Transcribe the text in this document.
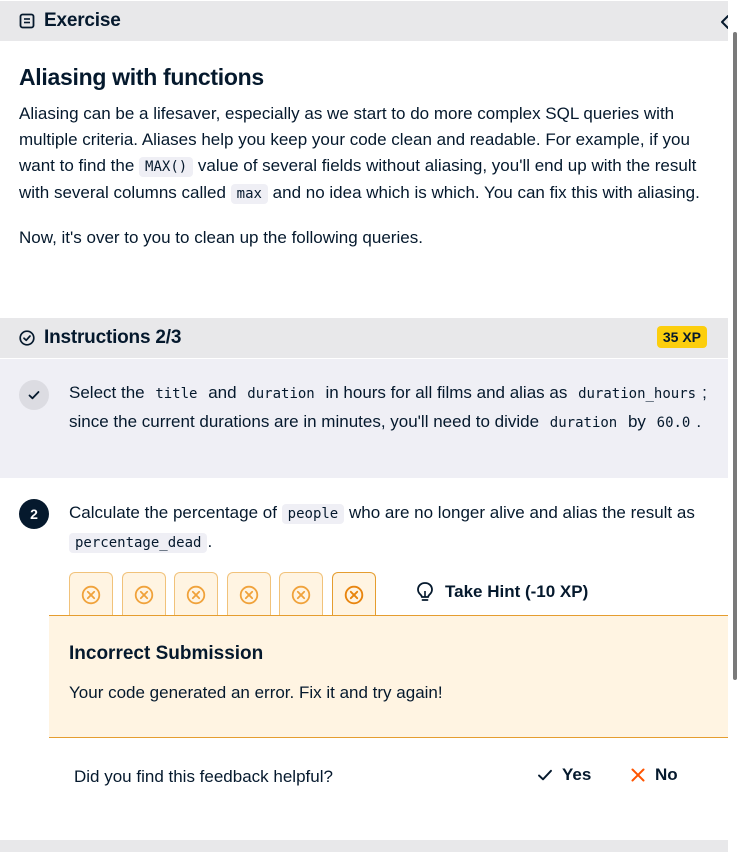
Exercise
Aliasing with functions

Aliasing can be a lifesaver, especially as we start to do more complex SQL queries with multiple criteria. Aliases help you keep your code clean and readable. For example, if you want to find the MAX() value of several fields without aliasing, you'll end up with the result with several columns called max and no idea which is which. You can fix this with aliasing.

Now, it's over to you to clean up the following queries.

Instructions 2/3	35 XP

Select the title and duration in hours for all films and alias as duration_hours ; since the current durations are in minutes, you'll need to divide duration by 60.0 .

2	Calculate the percentage of people who are no longer alive and alias the result as percentage_dead .

Take Hint (-10 XP)
Incorrect Submission
Your code generated an error. Fix it and try again!
Did you find this feedback helpful?	Yes	No
